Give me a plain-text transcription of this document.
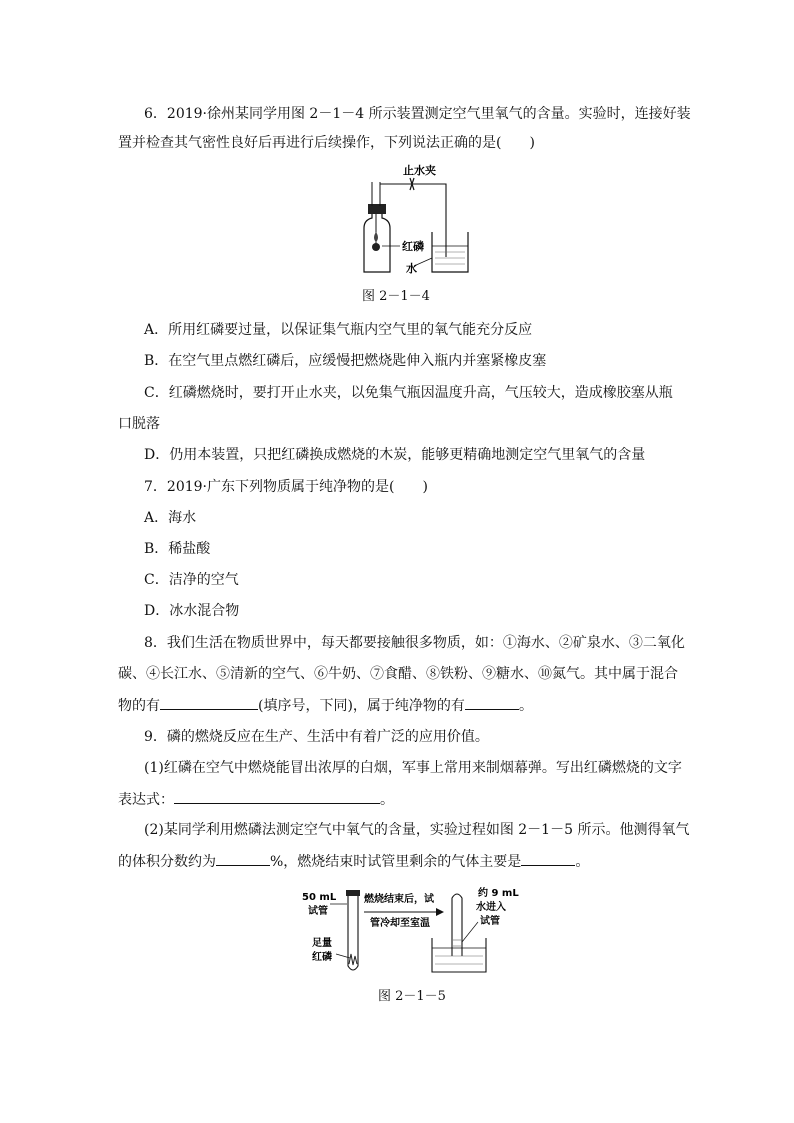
6．2019·徐州某同学用图 2－1－4 所示装置测定空气里氧气的含量。实验时，连接好装
置并检查其气密性良好后再进行后续操作，下列说法正确的是(　　)
止水夹
红磷
水
图 2－1－4
A．所用红磷要过量，以保证集气瓶内空气里的氧气能充分反应
B．在空气里点燃红磷后，应缓慢把燃烧匙伸入瓶内并塞紧橡皮塞
C．红磷燃烧时，要打开止水夹，以免集气瓶因温度升高，气压较大，造成橡胶塞从瓶
口脱落
D．仍用本装置，只把红磷换成燃烧的木炭，能够更精确地测定空气里氧气的含量
7．2019·广东下列物质属于纯净物的是(　　)
A．海水
B．稀盐酸
C．洁净的空气
D．冰水混合物
8．我们生活在物质世界中，每天都要接触很多物质，如：①海水、②矿泉水、③二氧化
碳、④长江水、⑤清新的空气、⑥牛奶、⑦食醋、⑧铁粉、⑨糖水、⑩氮气。其中属于混合
物的有	(填序号，下同)，属于纯净物的有	。
9．磷的燃烧反应在生产、生活中有着广泛的应用价值。
(1)红磷在空气中燃烧能冒出浓厚的白烟，军事上常用来制烟幕弹。写出红磷燃烧的文字
表达式：	。
(2)某同学利用燃磷法测定空气中氧气的含量，实验过程如图 2－1－5 所示。他测得氧气
的体积分数约为	%，燃烧结束时试管里剩余的气体主要是	。
50 mL
试管
足量
红磷
燃烧结束后，试
管冷却至室温
约 9 mL
水进入
试管
图 2－1－5
